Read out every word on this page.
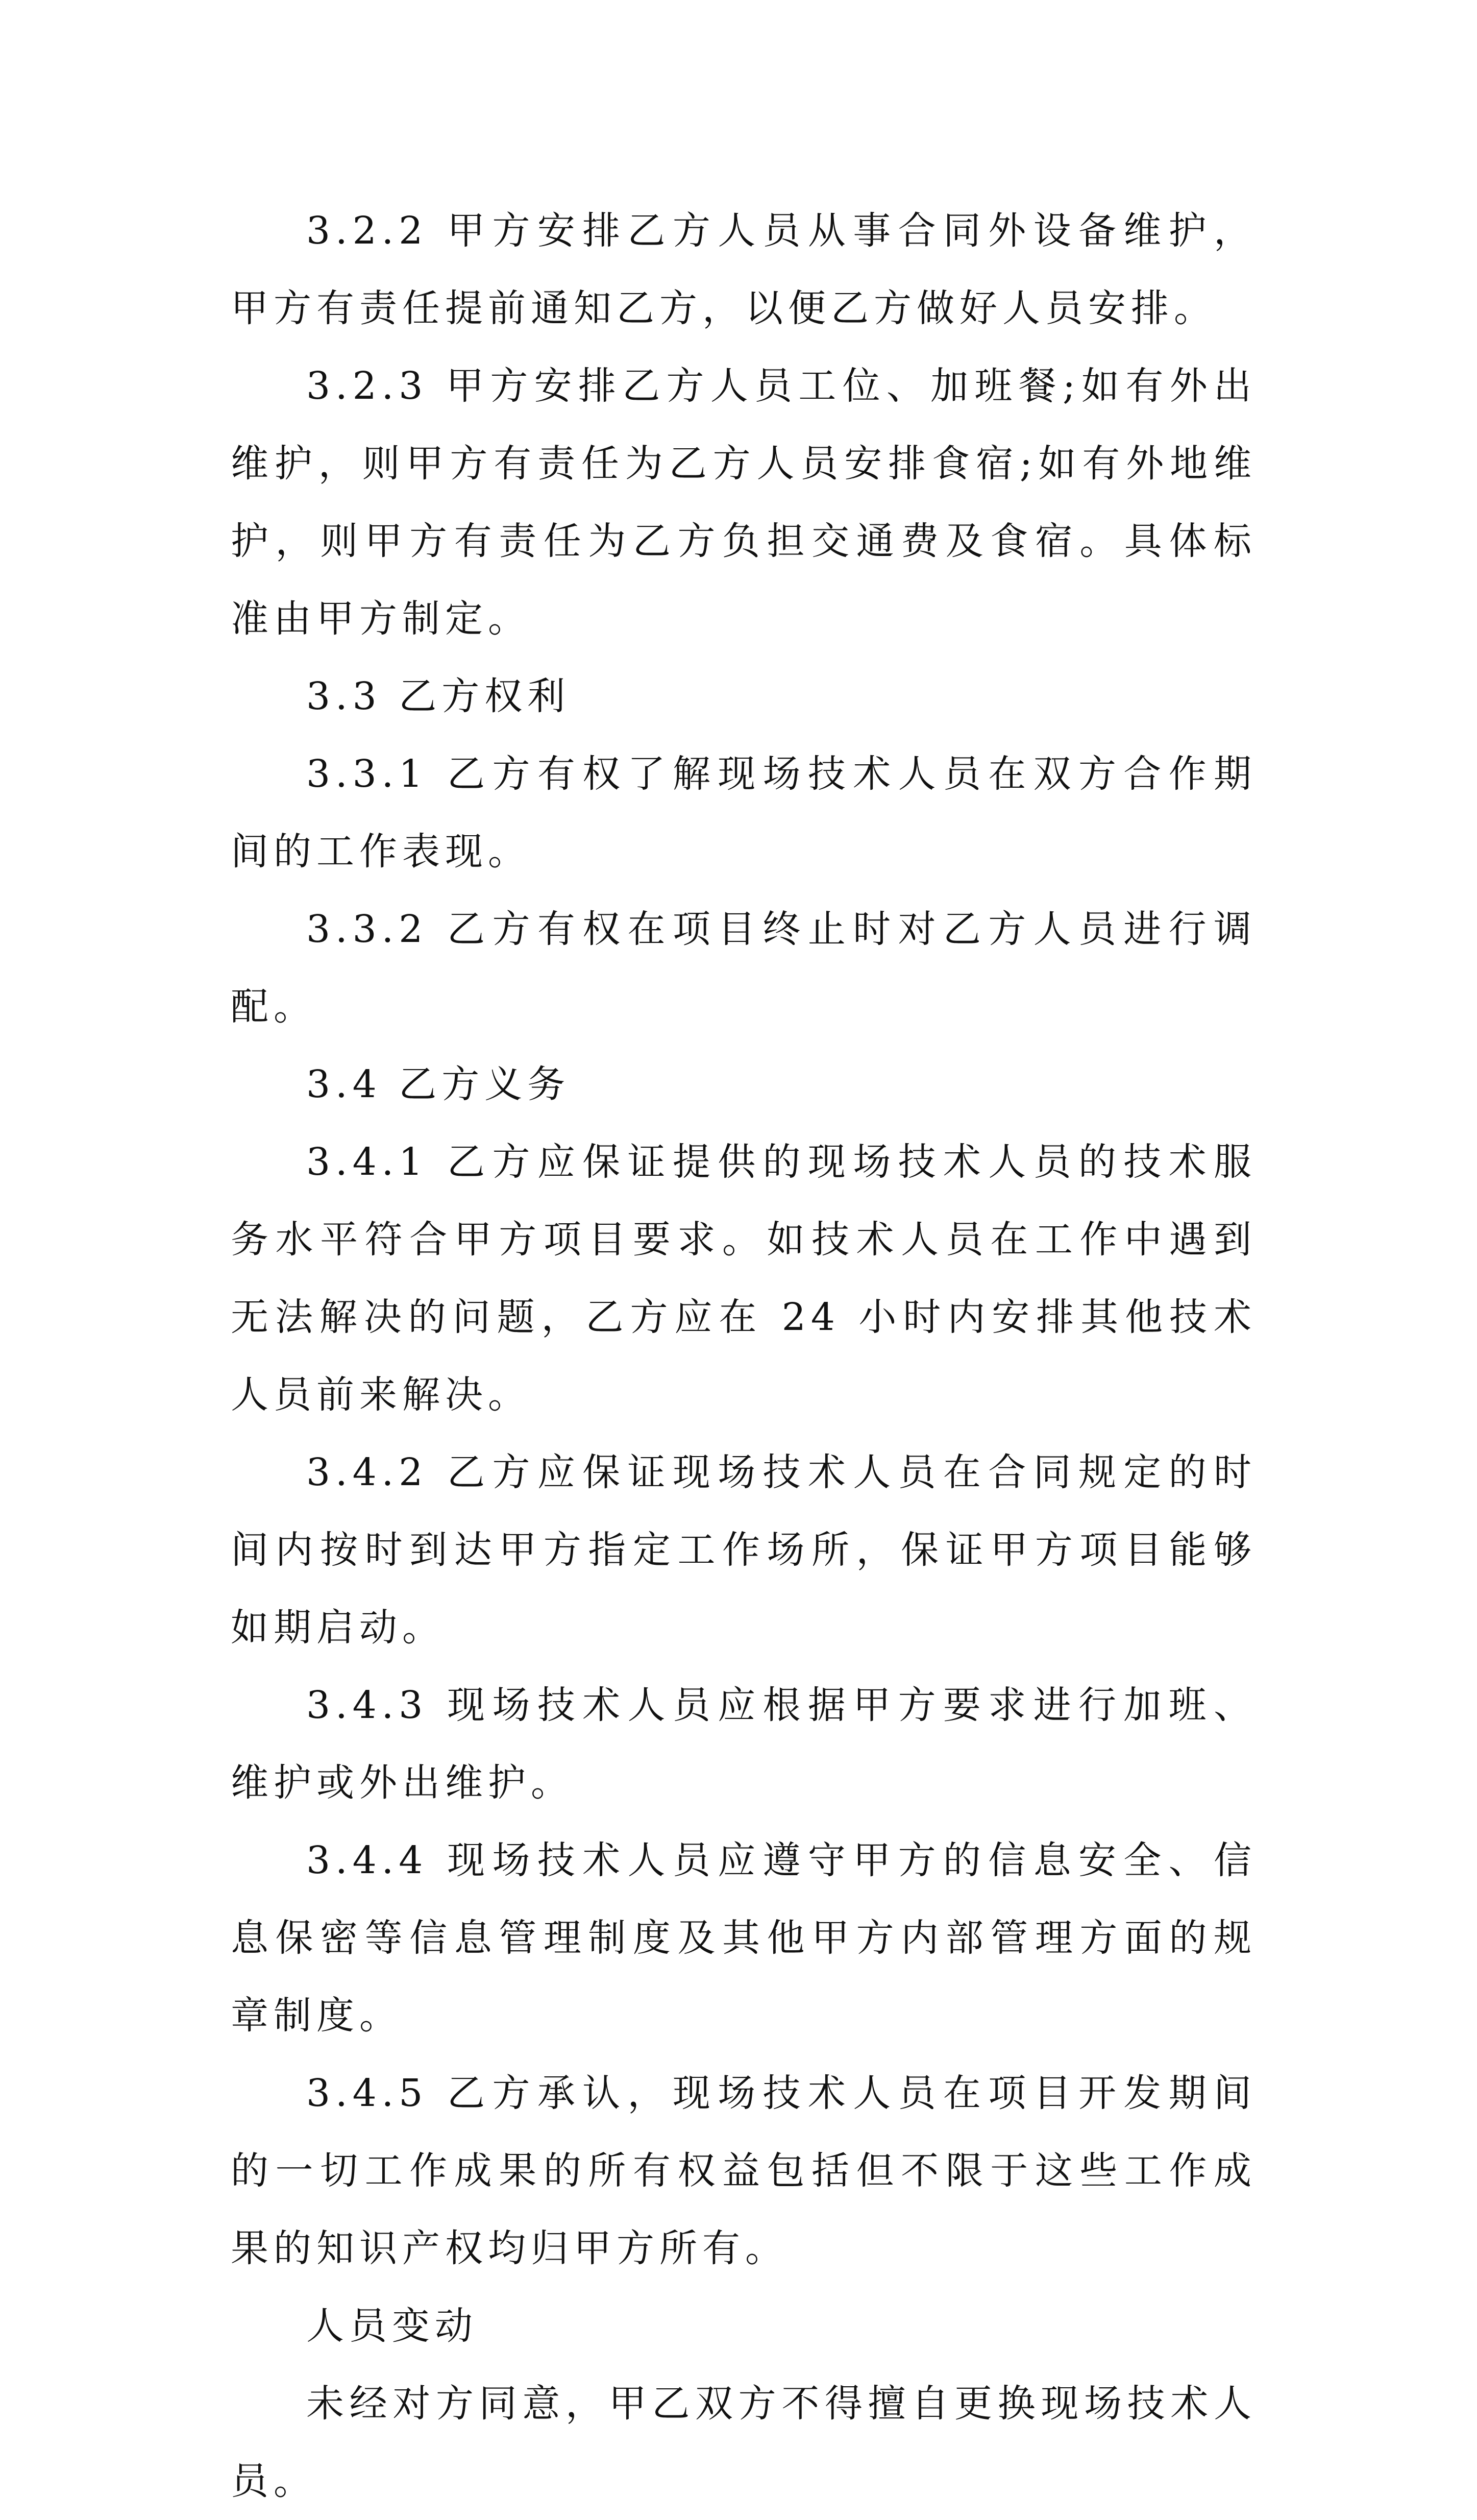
3.2.2 甲方安排乙方人员从事合同外设备维护，甲方有责任提前通知乙方，以便乙方做好人员安排。

3.2.3 甲方安排乙方人员工位、加班餐;如有外出维护，则甲方有责任为乙方人员安排食宿;如有外地维护，则甲方有责任为乙方负担交通费及食宿。具体标准由甲方制定。

3.3 乙方权利

3.3.1 乙方有权了解现场技术人员在双方合作期间的工作表现。

3.3.2 乙方有权在项目终止时对乙方人员进行调配。

3.4 乙方义务

3.4.1 乙方应保证提供的现场技术人员的技术服务水平符合甲方项目要求。如技术人员在工作中遇到无法解决的问题，乙方应在 24 小时内安排其他技术人员前来解决。

3.4.2 乙方应保证现场技术人员在合同规定的时间内按时到达甲方指定工作场所，保证甲方项目能够如期启动。

3.4.3 现场技术人员应根据甲方要求进行加班、维护或外出维护。

3.4.4 现场技术人员应遵守甲方的信息安全、信息保密等信息管理制度及其他甲方内部管理方面的规章制度。

3.4.5 乙方承认，现场技术人员在项目开发期间的一切工作成果的所有权益包括但不限于这些工作成果的知识产权均归甲方所有。

人员变动

未经对方同意，甲乙双方不得擅自更换现场技术人员。
